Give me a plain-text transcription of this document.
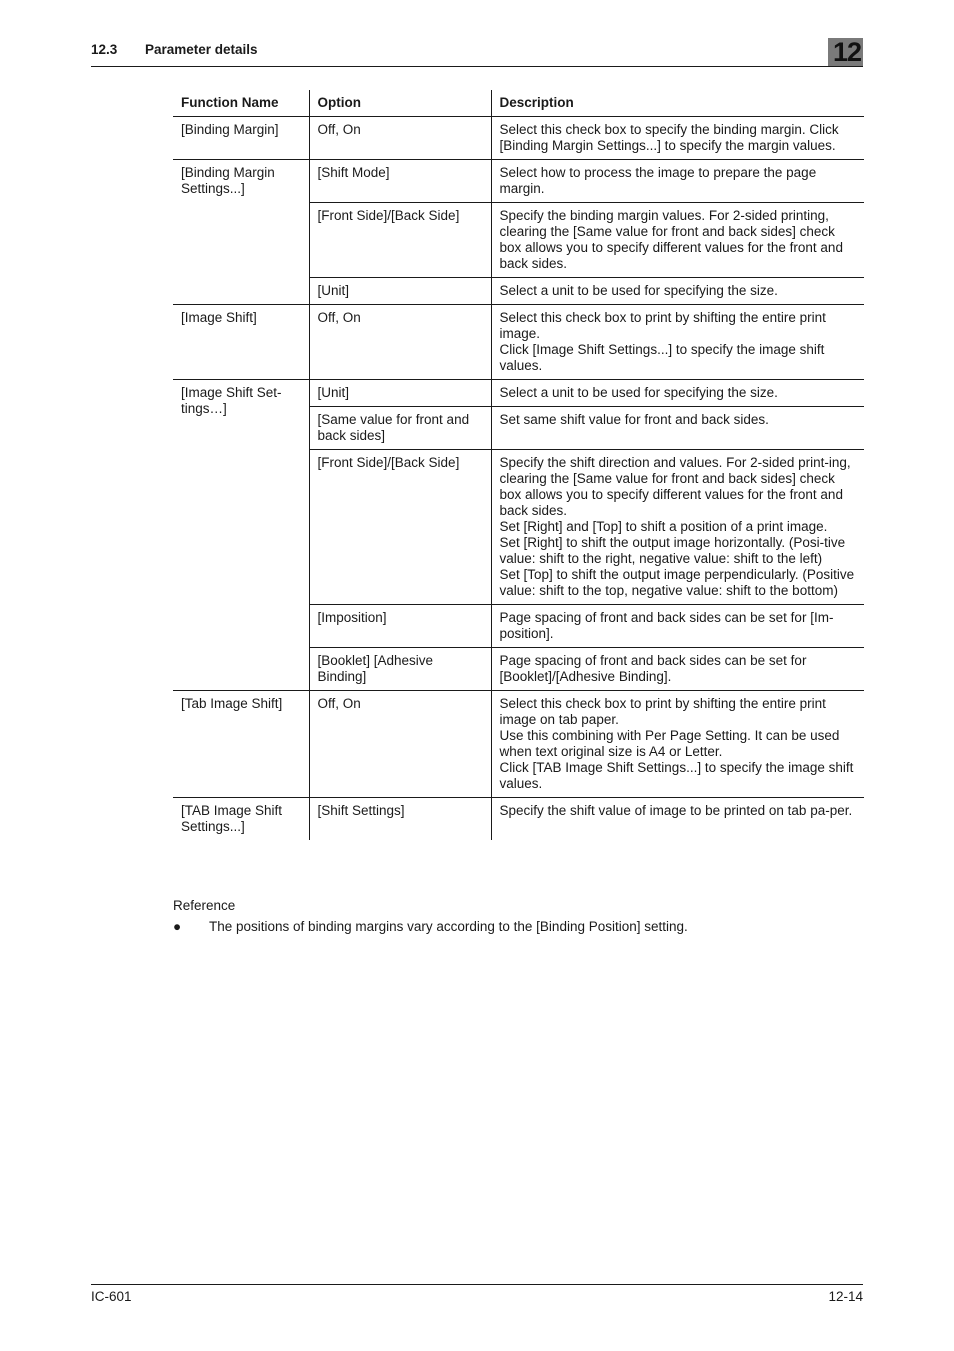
12.3 Parameter details	12
Function Name	Option	Description
[Binding Margin]	Off, On	Select this check box to specify the binding margin. Click [Binding Margin Settings...] to specify the margin values.
[Binding Margin Settings...]	[Shift Mode]	Select how to process the image to prepare the page margin.
	[Front Side]/[Back Side]	Specify the binding margin values. For 2-sided printing, clearing the [Same value for front and back sides] check box allows you to specify different values for the front and back sides.
	[Unit]	Select a unit to be used for specifying the size.
[Image Shift]	Off, On	Select this check box to print by shifting the entire print image.
Click [Image Shift Settings...] to specify the image shift values.
[Image Shift Set-tings…]	[Unit]	Select a unit to be used for specifying the size.
	[Same value for front and back sides]	Set same shift value for front and back sides.
	[Front Side]/[Back Side]	Specify the shift direction and values. For 2-sided print-ing, clearing the [Same value for front and back sides] check box allows you to specify different values for the front and back sides.
Set [Right] and [Top] to shift a position of a print image.
Set [Right] to shift the output image horizontally. (Posi-tive value: shift to the right, negative value: shift to the left)
Set [Top] to shift the output image perpendicularly. (Positive value: shift to the top, negative value: shift to the bottom)
	[Imposition]	Page spacing of front and back sides can be set for [Im-position].
	[Booklet] [Adhesive Binding]	Page spacing of front and back sides can be set for [Booklet]/[Adhesive Binding].
[Tab Image Shift]	Off, On	Select this check box to print by shifting the entire print image on tab paper.
Use this combining with Per Page Setting. It can be used when text original size is A4 or Letter.
Click [TAB Image Shift Settings...] to specify the image shift values.
[TAB Image Shift Settings...]	[Shift Settings]	Specify the shift value of image to be printed on tab pa-per.
Reference
● The positions of binding margins vary according to the [Binding Position] setting.
IC-601	12-14
